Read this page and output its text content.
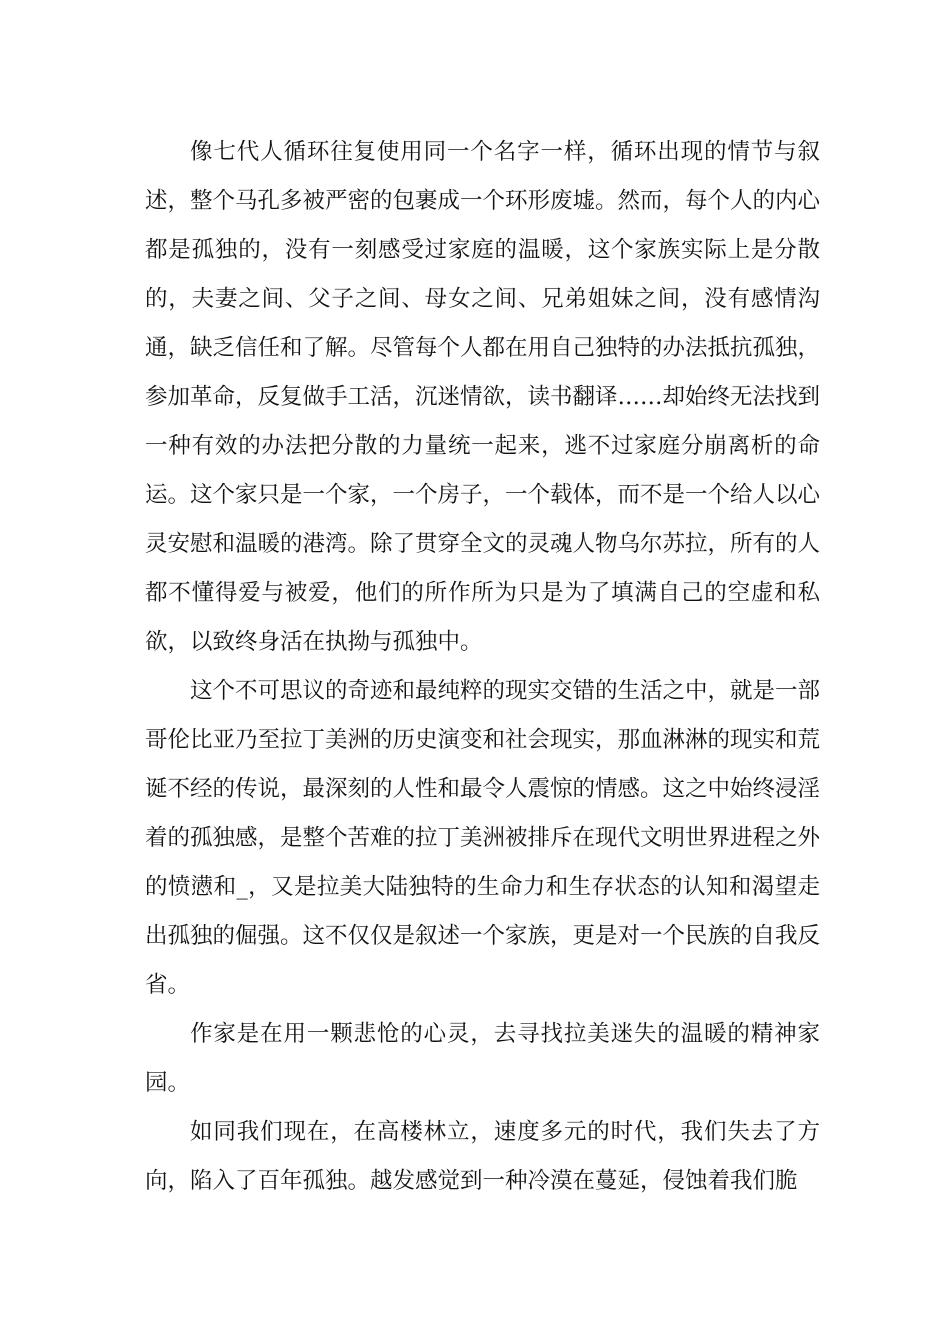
像七代人循环往复使用同一个名字一样，循环出现的情节与叙述，整个马孔多被严密的包裹成一个环形废墟。然而，每个人的内心都是孤独的，没有一刻感受过家庭的温暖，这个家族实际上是分散的，夫妻之间、父子之间、母女之间、兄弟姐妹之间，没有感情沟通，缺乏信任和了解。尽管每个人都在用自己独特的办法抵抗孤独，参加革命，反复做手工活，沉迷情欲，读书翻译……却始终无法找到一种有效的办法把分散的力量统一起来，逃不过家庭分崩离析的命运。这个家只是一个家，一个房子，一个载体，而不是一个给人以心灵安慰和温暖的港湾。除了贯穿全文的灵魂人物乌尔苏拉，所有的人都不懂得爱与被爱，他们的所作所为只是为了填满自己的空虚和私欲，以致终身活在执拗与孤独中。

这个不可思议的奇迹和最纯粹的现实交错的生活之中，就是一部哥伦比亚乃至拉丁美洲的历史演变和社会现实，那血淋淋的现实和荒诞不经的传说，最深刻的人性和最令人震惊的情感。这之中始终浸淫着的孤独感，是整个苦难的拉丁美洲被排斥在现代文明世界进程之外的愤懑和_，又是拉美大陆独特的生命力和生存状态的认知和渴望走出孤独的倔强。这不仅仅是叙述一个家族，更是对一个民族的自我反省。

作家是在用一颗悲怆的心灵，去寻找拉美迷失的温暖的精神家园。

如同我们现在，在高楼林立，速度多元的时代，我们失去了方向，陷入了百年孤独。越发感觉到一种冷漠在蔓延，侵蚀着我们脆
